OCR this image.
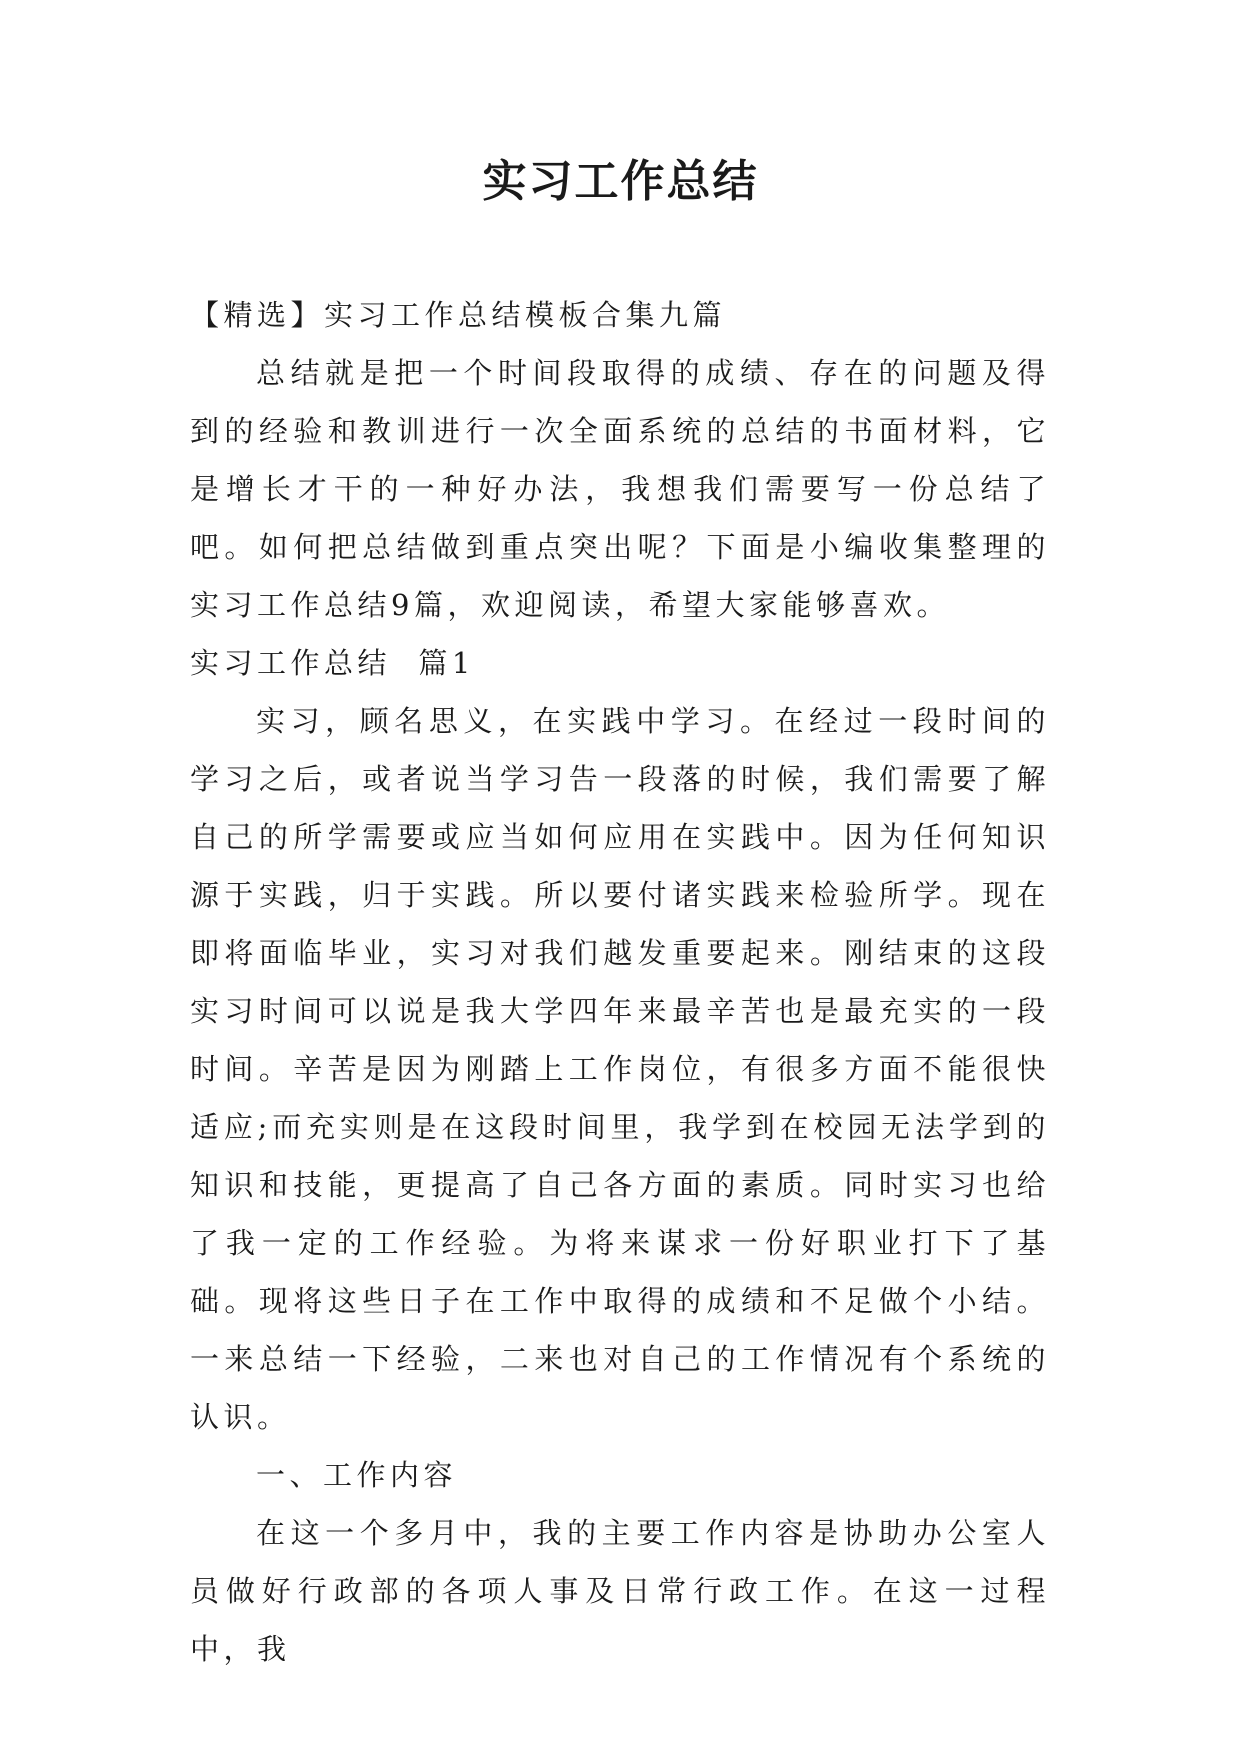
实习工作总结

【精选】实习工作总结模板合集九篇

总结就是把一个时间段取得的成绩、存在的问题及得到的经验和教训进行一次全面系统的总结的书面材料，它是增长才干的一种好办法，我想我们需要写一份总结了吧。如何把总结做到重点突出呢？下面是小编收集整理的实习工作总结9篇，欢迎阅读，希望大家能够喜欢。

实习工作总结  篇1

实习，顾名思义，在实践中学习。在经过一段时间的学习之后，或者说当学习告一段落的时候，我们需要了解自己的所学需要或应当如何应用在实践中。因为任何知识源于实践，归于实践。所以要付诸实践来检验所学。现在即将面临毕业，实习对我们越发重要起来。刚结束的这段实习时间可以说是我大学四年来最辛苦也是最充实的一段时间。辛苦是因为刚踏上工作岗位，有很多方面不能很快适应;而充实则是在这段时间里，我学到在校园无法学到的知识和技能，更提高了自己各方面的素质。同时实习也给了我一定的工作经验。为将来谋求一份好职业打下了基础。现将这些日子在工作中取得的成绩和不足做个小结。一来总结一下经验，二来也对自己的工作情况有个系统的认识。

一、工作内容

在这一个多月中，我的主要工作内容是协助办公室人员做好行政部的各项人事及日常行政工作。在这一过程中，我
